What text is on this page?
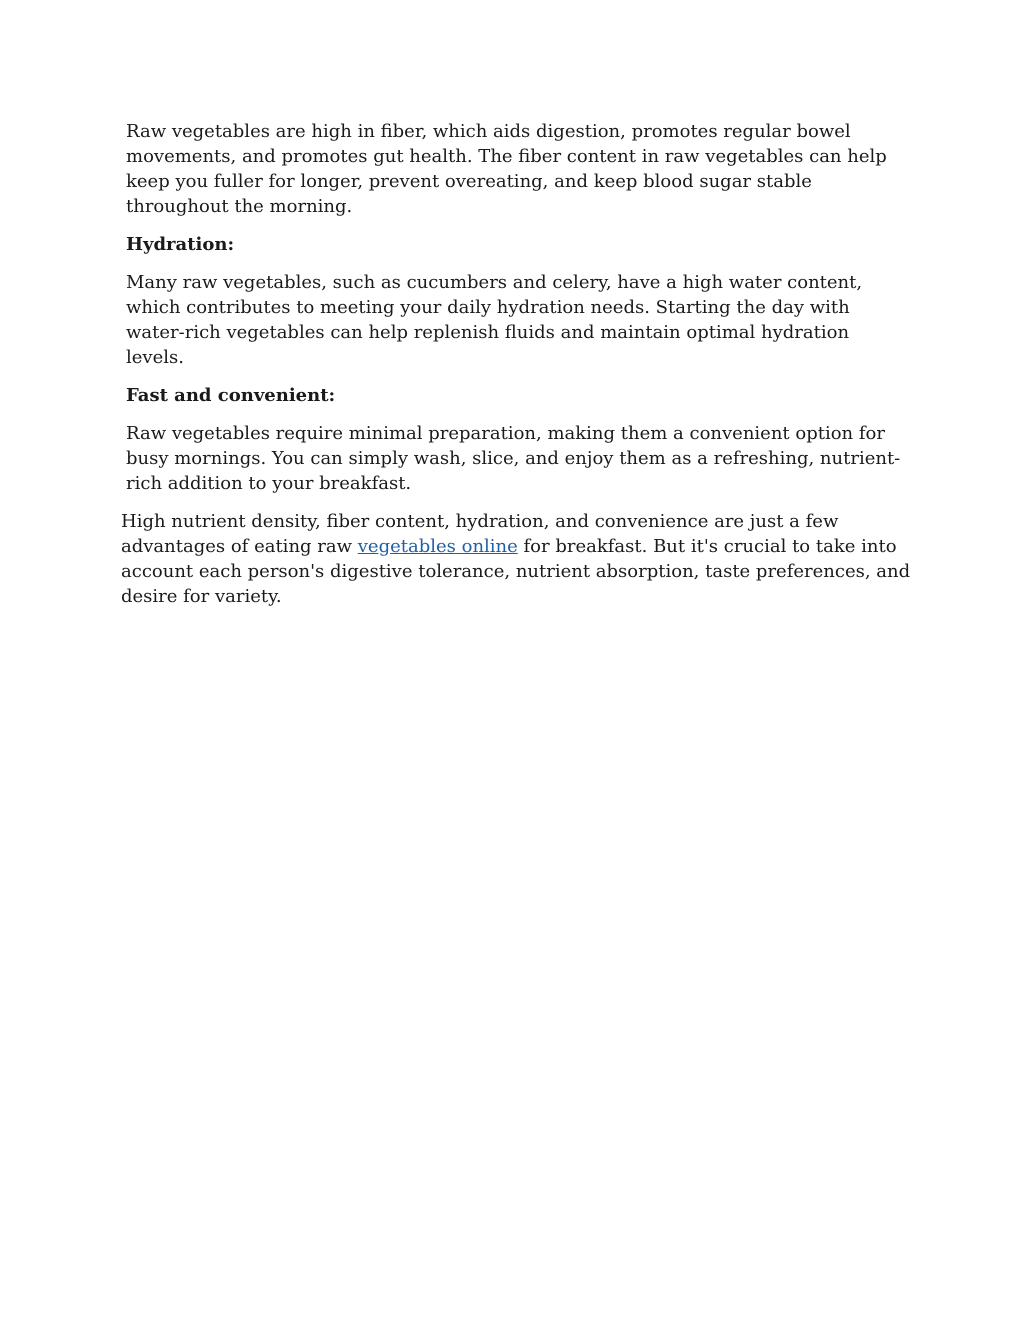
Raw vegetables are high in fiber, which aids digestion, promotes regular bowel movements, and promotes gut health. The fiber content in raw vegetables can help keep you fuller for longer, prevent overeating, and keep blood sugar stable throughout the morning.

Hydration:

Many raw vegetables, such as cucumbers and celery, have a high water content, which contributes to meeting your daily hydration needs. Starting the day with water-rich vegetables can help replenish fluids and maintain optimal hydration levels.

Fast and convenient:

Raw vegetables require minimal preparation, making them a convenient option for busy mornings. You can simply wash, slice, and enjoy them as a refreshing, nutrient-rich addition to your breakfast.

High nutrient density, fiber content, hydration, and convenience are just a few advantages of eating raw vegetables online for breakfast. But it's crucial to take into account each person's digestive tolerance, nutrient absorption, taste preferences, and desire for variety.
